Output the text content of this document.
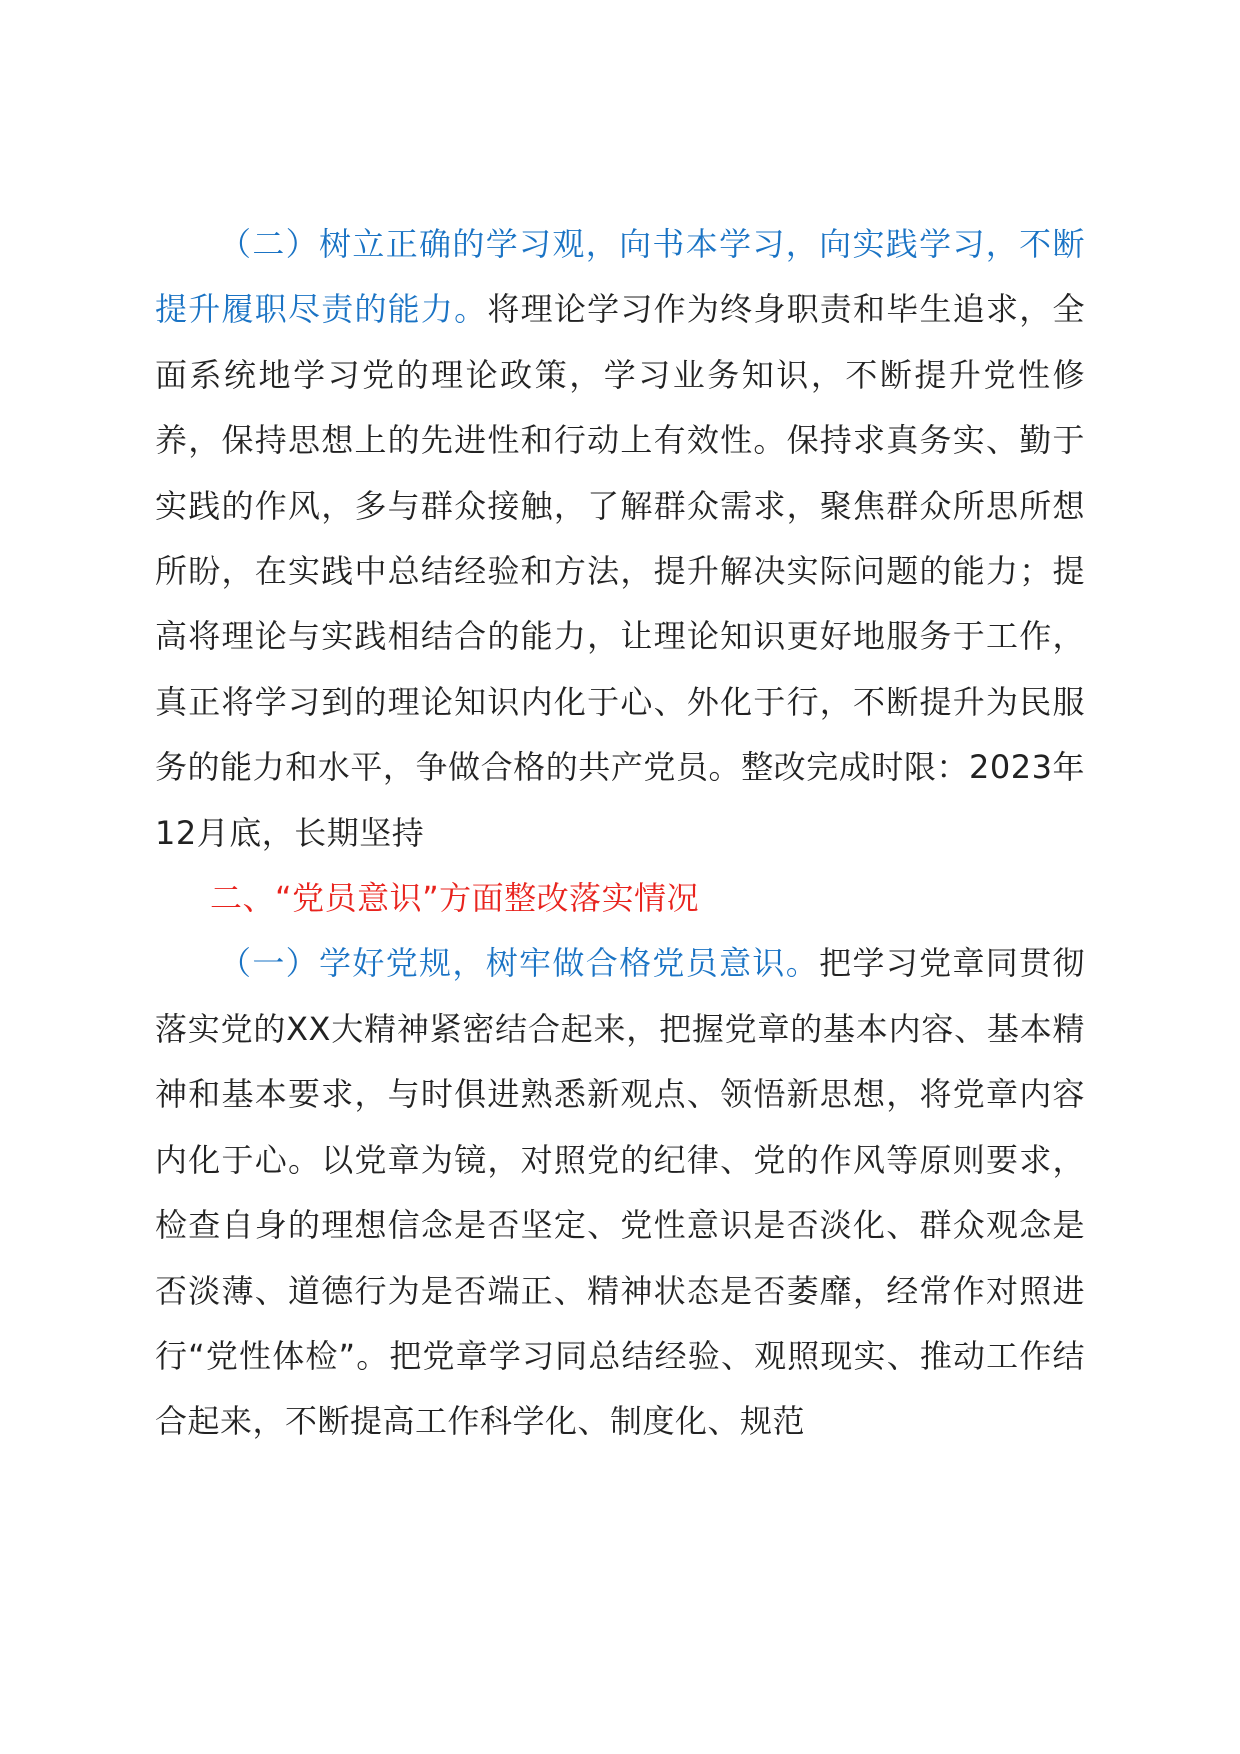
（二）树立正确的学习观，向书本学习，向实践学习，不断提升履职尽责的能力。将理论学习作为终身职责和毕生追求，全面系统地学习党的理论政策，学习业务知识，不断提升党性修养，保持思想上的先进性和行动上有效性。保持求真务实、勤于实践的作风，多与群众接触，了解群众需求，聚焦群众所思所想所盼，在实践中总结经验和方法，提升解决实际问题的能力；提高将理论与实践相结合的能力，让理论知识更好地服务于工作，真正将学习到的理论知识内化于心、外化于行，不断提升为民服务的能力和水平，争做合格的共产党员。整改完成时限：2023年12月底，长期坚持

二、“党员意识”方面整改落实情况

（一）学好党规，树牢做合格党员意识。把学习党章同贯彻落实党的XX大精神紧密结合起来，把握党章的基本内容、基本精神和基本要求，与时俱进熟悉新观点、领悟新思想，将党章内容内化于心。以党章为镜，对照党的纪律、党的作风等原则要求，检查自身的理想信念是否坚定、党性意识是否淡化、群众观念是否淡薄、道德行为是否端正、精神状态是否萎靡，经常作对照进行“党性体检”。把党章学习同总结经验、观照现实、推动工作结合起来，不断提高工作科学化、制度化、规范
